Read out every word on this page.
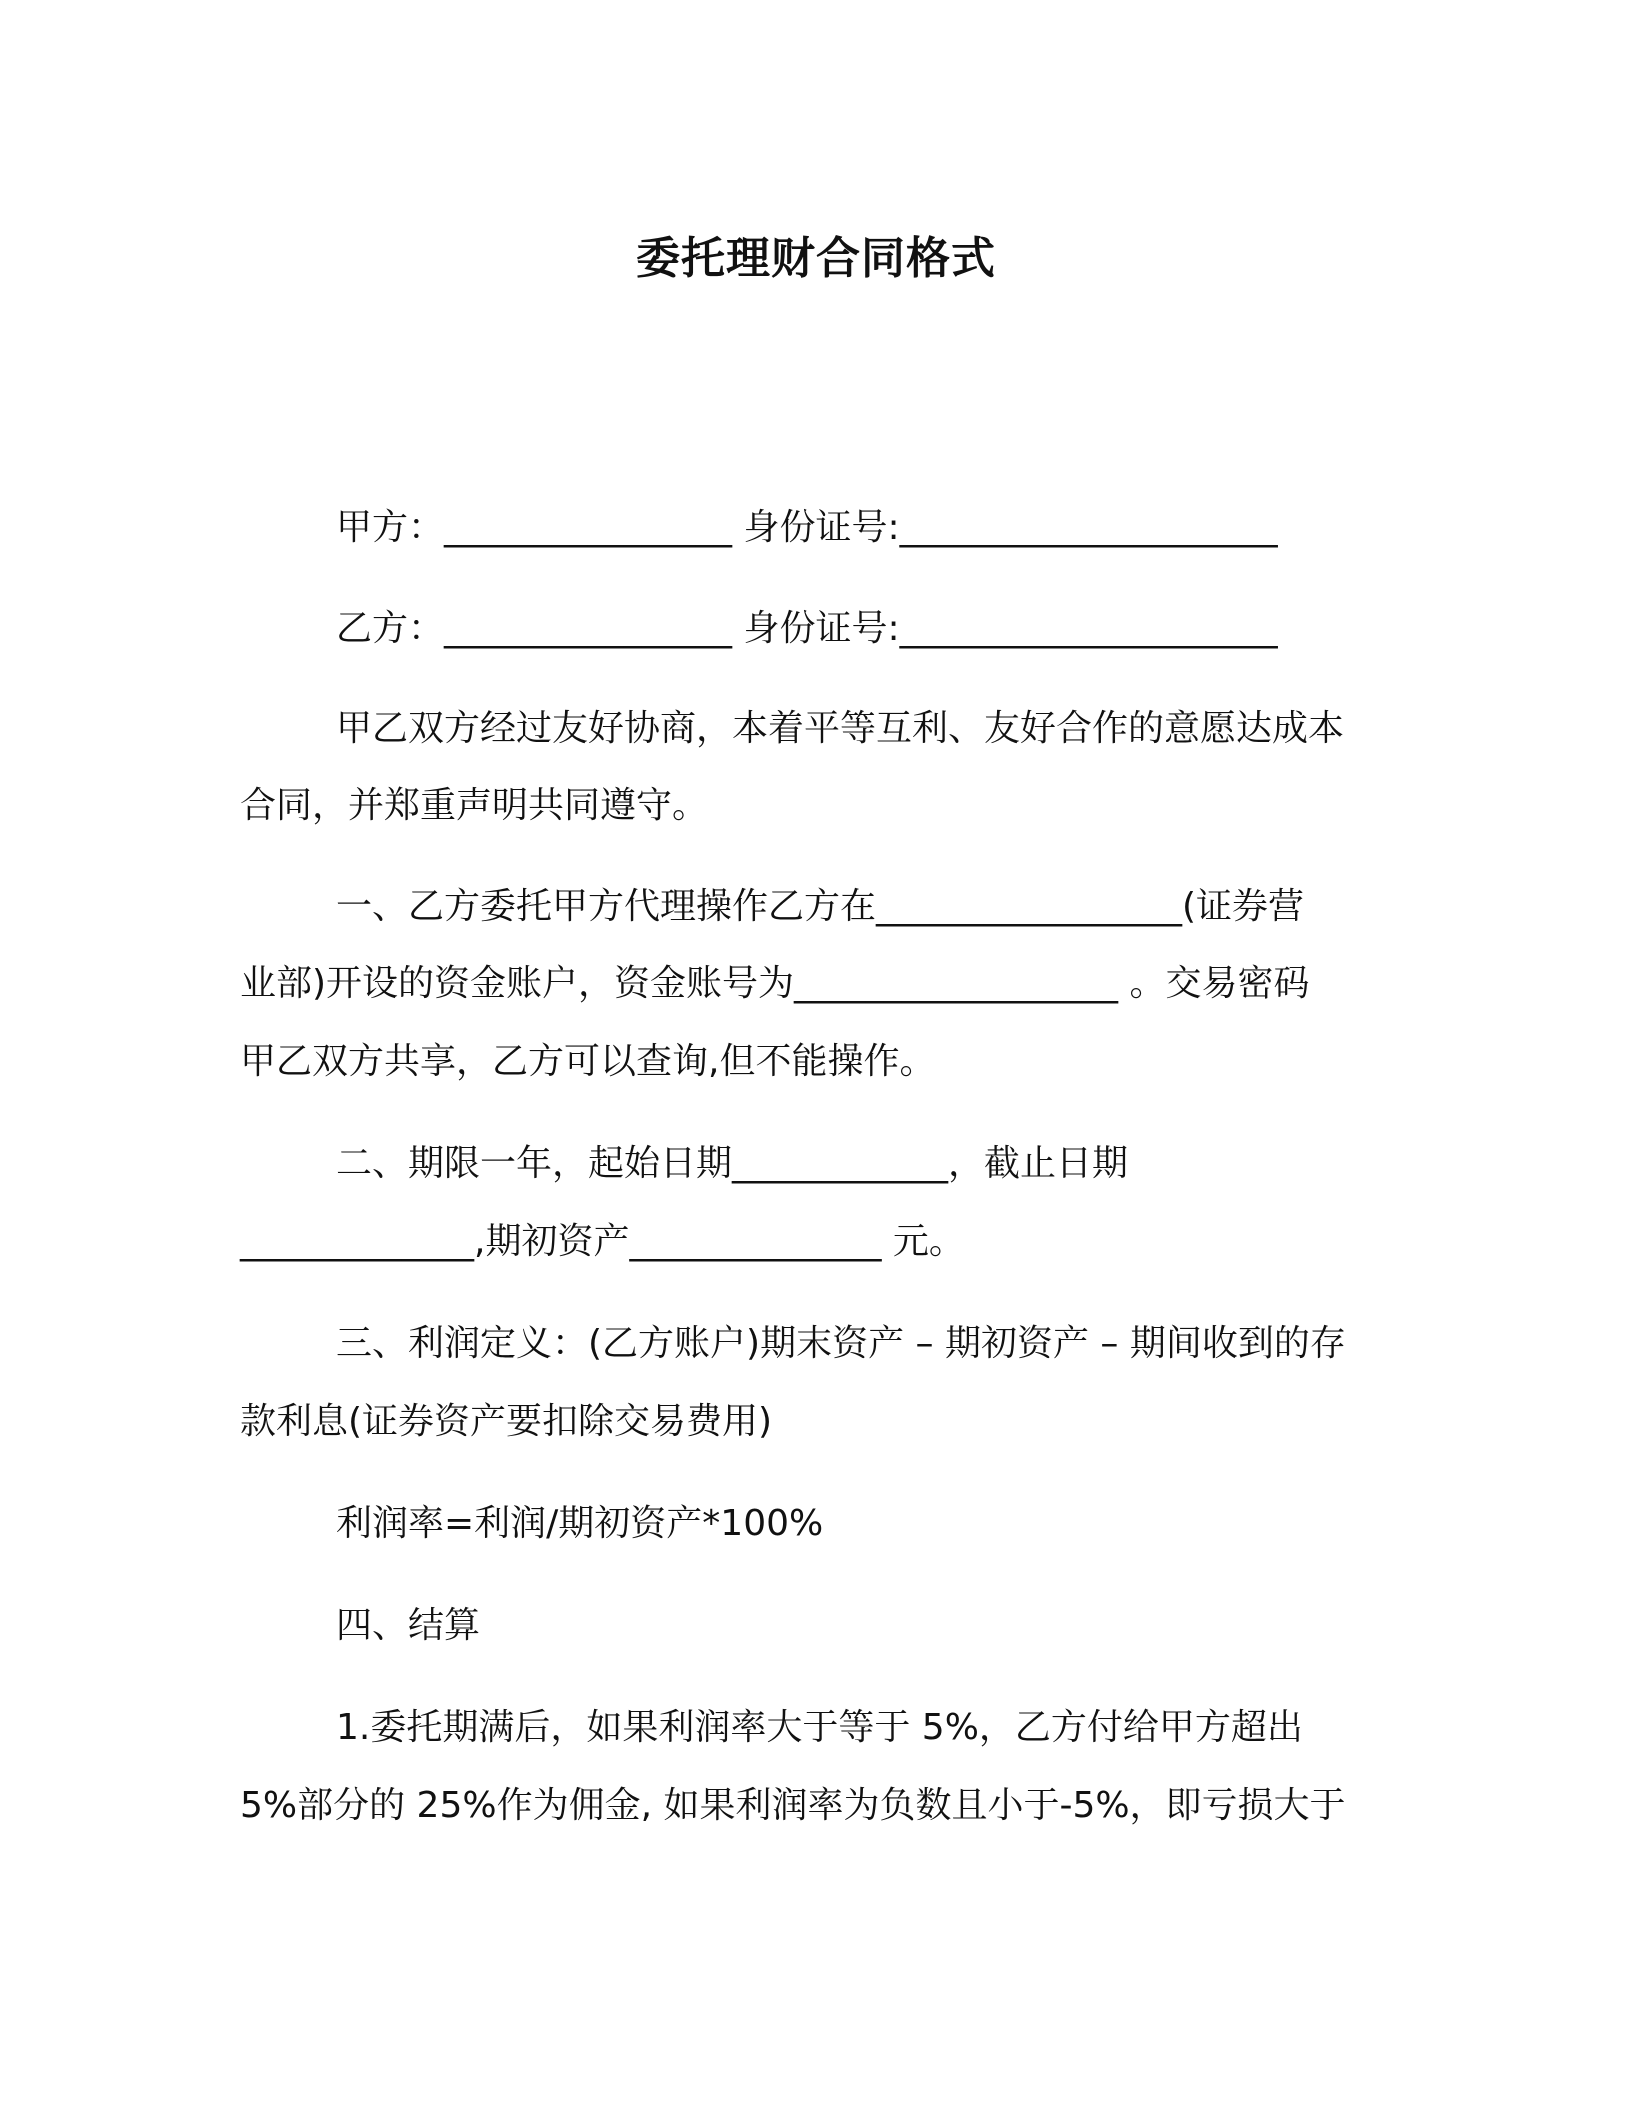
委托理财合同格式
甲方：________________ 身份证号:_____________________
乙方：________________ 身份证号:_____________________
甲乙双方经过友好协商，本着平等互利、友好合作的意愿达成本
合同，并郑重声明共同遵守。
一、乙方委托甲方代理操作乙方在_________________(证券营
业部)开设的资金账户，资金账号为__________________ 。交易密码
甲乙双方共享，乙方可以查询,但不能操作。
二、期限一年，起始日期____________，截止日期
_____________,期初资产______________ 元。
三、利润定义：(乙方账户)期末资产 – 期初资产 – 期间收到的存
款利息(证券资产要扣除交易费用)
利润率=利润/期初资产*100%
四、结算
1.委托期满后，如果利润率大于等于 5%，乙方付给甲方超出
5%部分的 25%作为佣金, 如果利润率为负数且小于-5%，即亏损大于
